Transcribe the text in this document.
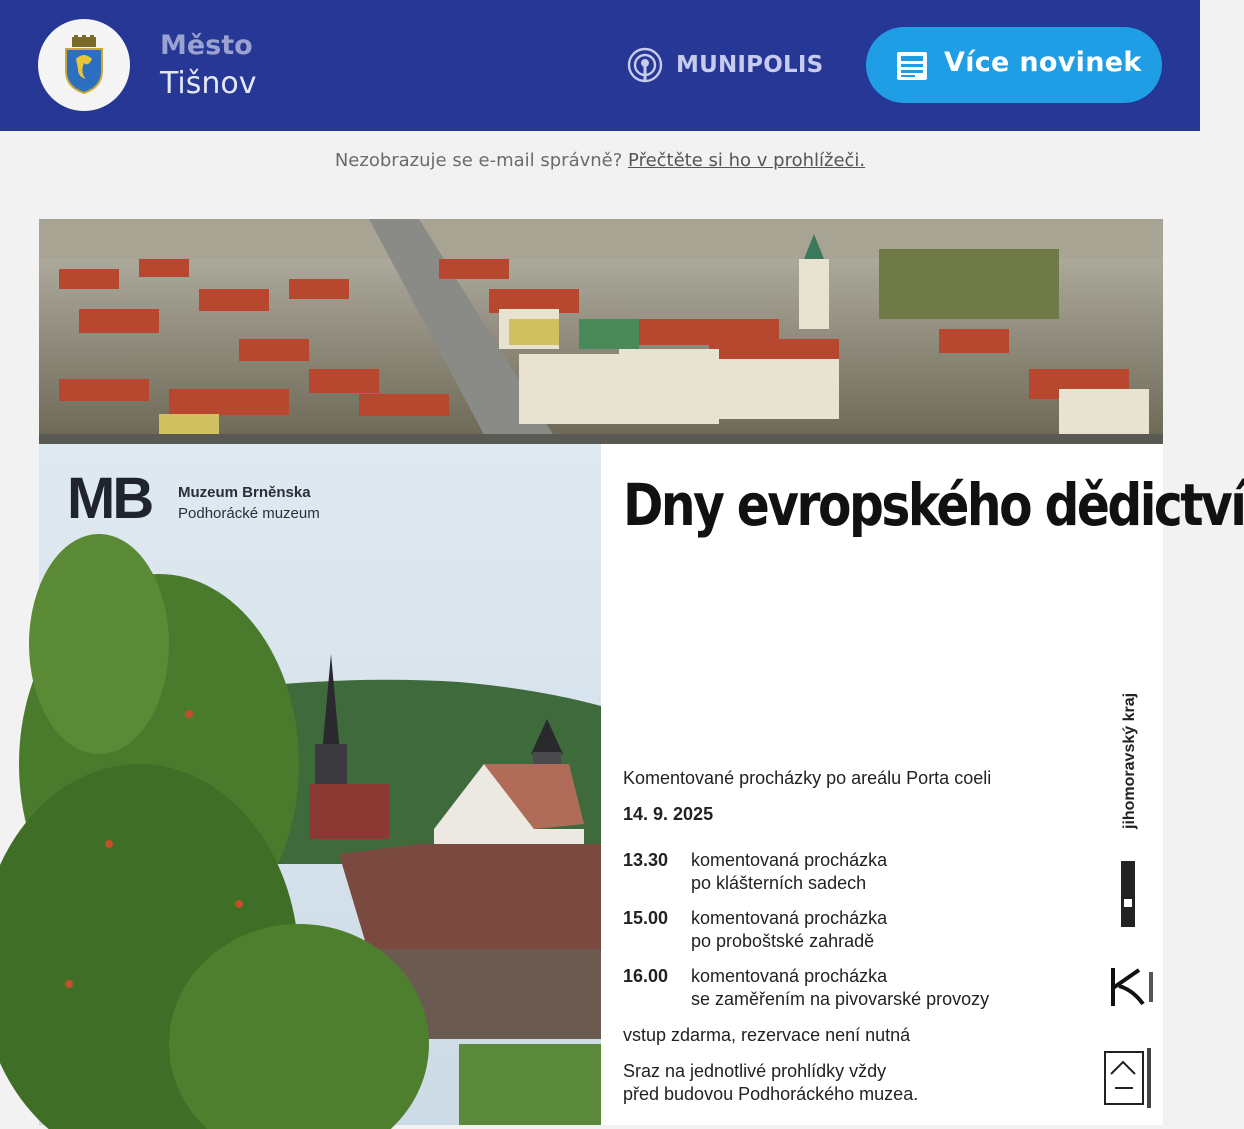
Město
Tišnov
MUNIPOLIS	Více novinek
Nezobrazuje se e-mail správně? Přečtěte si ho v prohlížeči.
MB Muzeum Brněnska
Podhorácké muzeum	Dny evropského dědictví
Komentované procházky po areálu Porta coeli
14. 9. 2025
13.30	komentovaná procházka
po klášterních sadech
15.00	komentovaná procházka
po proboštské zahradě
16.00	komentovaná procházka
se zaměřením na pivovarské provozy
vstup zdarma, rezervace není nutná
Sraz na jednotlivé prohlídky vždy
před budovou Podhoráckého muzea.
jihomoravský kraj
